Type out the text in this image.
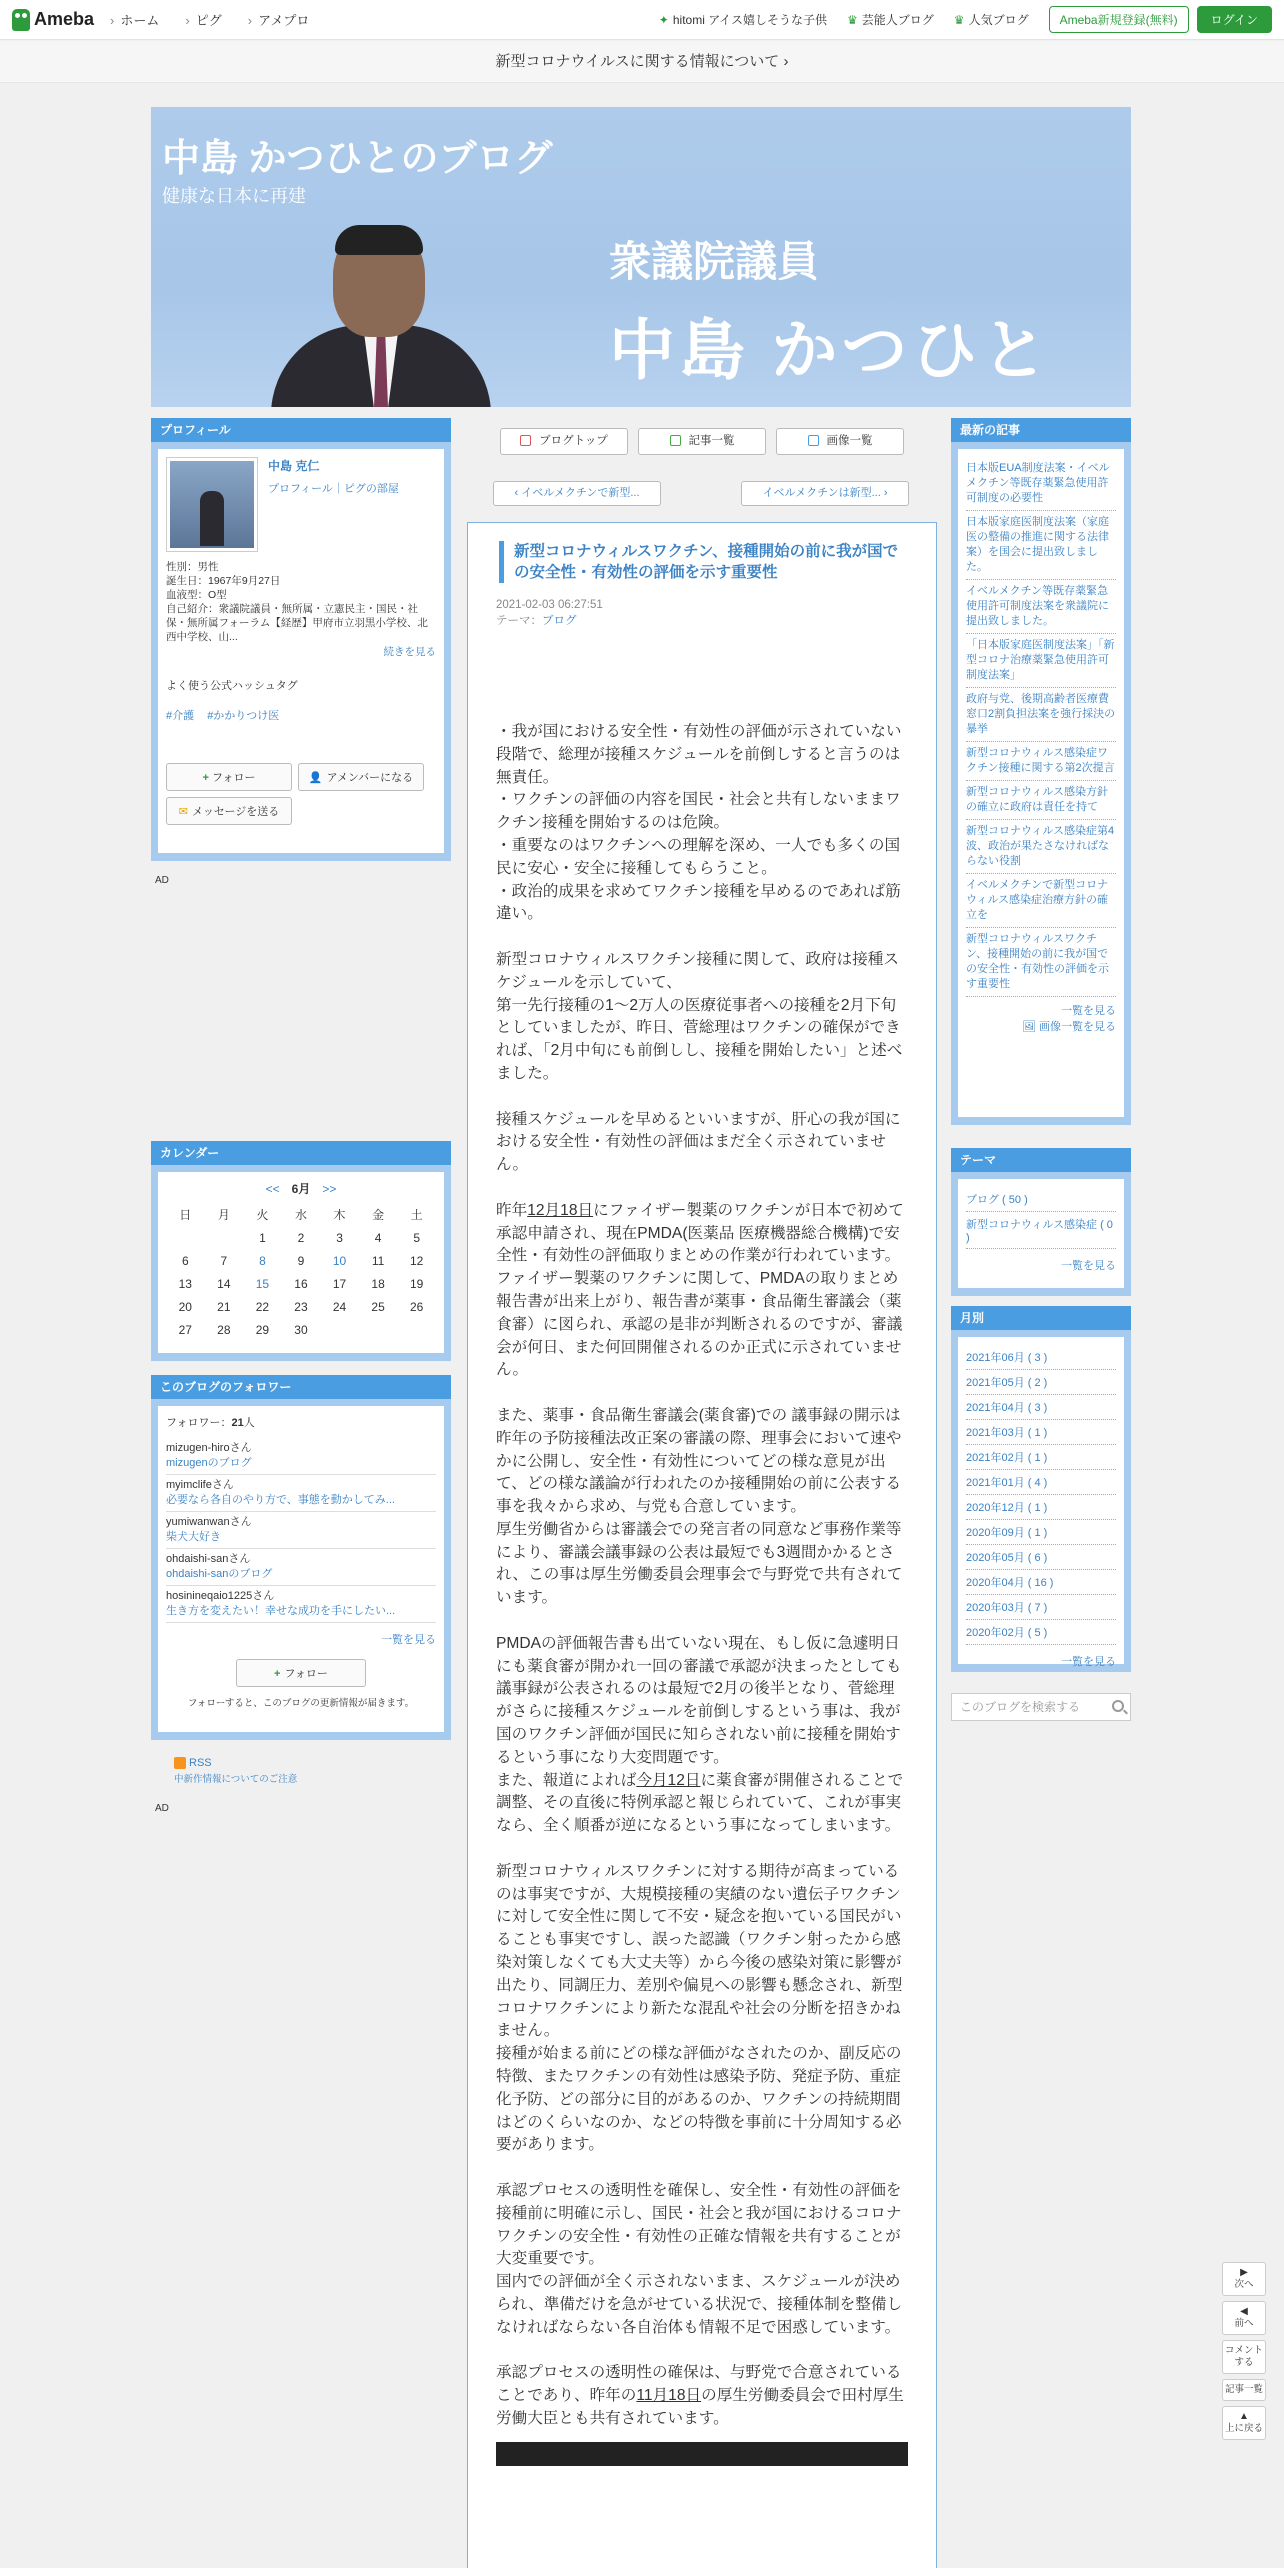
Ameba	› ホーム	› ピグ	› アメプロ	✦ hitomi アイス嬉しそうな子供 ♛ 芸能人ブログ ♛ 人気ブログ	Ameba新規登録(無料)	ログイン
新型コロナウイルスに関する情報について ›
中島 かつひとのブログ
健康な日本に再建
衆議院議員
中島 かつひと
プロフィール
中島 克仁
プロフィール｜ピグの部屋
性別：男性
誕生日：1967年9月27日
血液型：O型
自己紹介：衆議院議員・無所属・立憲民主・国民・社保・無所属フォーラム【経歴】甲府市立羽黒小学校、北西中学校、山...
続きを見る
よく使う公式ハッシュタグ
#介護 #かかりつけ医
+ フォロー	👤 アメンバーになる
✉ メッセージを送る
AD
カレンダー
<< 6月 >>
日	月	火	水	木	金	土
		1	2	3	4	5
6	7	8	9	10	11	12
13	14	15	16	17	18	19
20	21	22	23	24	25	26
27	28	29	30			
このブログのフォロワー
フォロワー：21人
mizugen-hiroさん
mizugenのブログ
myimclifeさん
必要なら各自のやり方で、事態を動かしてみ...
yumiwanwanさん
柴犬大好き
ohdaishi-sanさん
ohdaishi-sanのブログ
hosinineqaio1225さん
生き方を変えたい！幸せな成功を手にしたい...
一覧を見る
+ フォロー
フォローすると、このブログの更新情報が届きます。
RSS
中新作情報についてのご注意
AD
ブログトップ	記事一覧	画像一覧
‹ イベルメクチンで新型...	イベルメクチンは新型... ›
新型コロナウィルスワクチン、接種開始の前に我が国での安全性・有効性の評価を示す重要性
2021-02-03 06:27:51
テーマ：ブログ

・我が国における安全性・有効性の評価が示されていない段階で、総理が接種スケジュールを前倒しすると言うのは無責任。
・ワクチンの評価の内容を国民・社会と共有しないままワクチン接種を開始するのは危険。
・重要なのはワクチンへの理解を深め、一人でも多くの国民に安心・安全に接種してもらうこと。
・政治的成果を求めてワクチン接種を早めるのであれば筋違い。

新型コロナウィルスワクチン接種に関して、政府は接種スケジュールを示していて、
第一先行接種の1〜2万人の医療従事者への接種を2月下旬としていましたが、昨日、菅総理はワクチンの確保ができれば、「2月中旬にも前倒しし、接種を開始したい」と述べました。

接種スケジュールを早めるといいますが、肝心の我が国における安全性・有効性の評価はまだ全く示されていません。

昨年12月18日にファイザー製薬のワクチンが日本で初めて承認申請され、現在PMDA(医薬品 医療機器総合機構)で安全性・有効性の評価取りまとめの作業が行われています。
ファイザー製薬のワクチンに関して、PMDAの取りまとめ報告書が出来上がり、報告書が薬事・食品衛生審議会（薬食審）に図られ、承認の是非が判断されるのですが、審議会が何日、また何回開催されるのか正式に示されていません。

また、薬事・食品衛生審議会(薬食審)での 議事録の開示は昨年の予防接種法改正案の審議の際、理事会において速やかに公開し、安全性・有効性についてどの様な意見が出て、どの様な議論が行われたのか接種開始の前に公表する事を我々から求め、与党も合意しています。
厚生労働省からは審議会での発言者の同意など事務作業等により、審議会議事録の公表は最短でも3週間かかるとされ、この事は厚生労働委員会理事会で与野党で共有されています。

PMDAの評価報告書も出ていない現在、もし仮に急遽明日にも薬食審が開かれ一回の審議で承認が決まったとしても議事録が公表されるのは最短で2月の後半となり、菅総理がさらに接種スケジュールを前倒しするという事は、我が国のワクチン評価が国民に知らされない前に接種を開始するという事になり大変問題です。
また、報道によれば今月12日に薬食審が開催されることで調整、その直後に特例承認と報じられていて、これが事実なら、全く順番が逆になるという事になってしまいます。

新型コロナウィルスワクチンに対する期待が高まっているのは事実ですが、大規模接種の実績のない遺伝子ワクチンに対して安全性に関して不安・疑念を抱いている国民がいることも事実ですし、誤った認識（ワクチン射ったから感染対策しなくても大丈夫等）から今後の感染対策に影響が出たり、同調圧力、差別や偏見への影響も懸念され、新型コロナワクチンにより新たな混乱や社会の分断を招きかねません。
接種が始まる前にどの様な評価がなされたのか、副反応の特徴、またワクチンの有効性は感染予防、発症予防、重症化予防、どの部分に目的があるのか、ワクチンの持続期間はどのくらいなのか、などの特徴を事前に十分周知する必要があります。

承認プロセスの透明性を確保し、安全性・有効性の評価を接種前に明確に示し、国民・社会と我が国におけるコロナワクチンの安全性・有効性の正確な情報を共有することが大変重要です。
国内での評価が全く示されないまま、スケジュールが決められ、準備だけを急がせている状況で、接種体制を整備しなければならない各自治体も情報不足で困惑しています。

承認プロセスの透明性の確保は、与野党で合意されていることであり、昨年の11月18日の厚生労働委員会で田村厚生労働大臣とも共有されています。

最新の記事
日本版EUA制度法案・イベルメクチン等既存薬緊急使用許可制度の必要性
日本版家庭医制度法案（家庭医の整備の推進に関する法律案）を国会に提出致しました。
イベルメクチン等既存薬緊急使用許可制度法案を衆議院に提出致しました。
「日本版家庭医制度法案」「新型コロナ治療薬緊急使用許可制度法案」
政府与党、後期高齢者医療費窓口2割負担法案を強行採決の暴挙
新型コロナウィルス感染症ワクチン接種に関する第2次提言
新型コロナウィルス感染方針の確立に政府は責任を持て
新型コロナウィルス感染症第4波、政治が果たさなければならない役割
イベルメクチンで新型コロナウィルス感染症治療方針の確立を
新型コロナウィルスワクチン、接種開始の前に我が国での安全性・有効性の評価を示す重要性
一覧を見る
🖼 画像一覧を見る
テーマ
ブログ ( 50 )
新型コロナウィルス感染症 ( 0 )
一覧を見る
月別
2021年06月 ( 3 )
2021年05月 ( 2 )
2021年04月 ( 3 )
2021年03月 ( 1 )
2021年02月 ( 1 )
2021年01月 ( 4 )
2020年12月 ( 1 )
2020年09月 ( 1 )
2020年05月 ( 6 )
2020年04月 ( 16 )
2020年03月 ( 7 )
2020年02月 ( 5 )
一覧を見る
このブログを検索する
▶
次へ
◀
前へ
コメントする
記事一覧
▲
上に戻る
